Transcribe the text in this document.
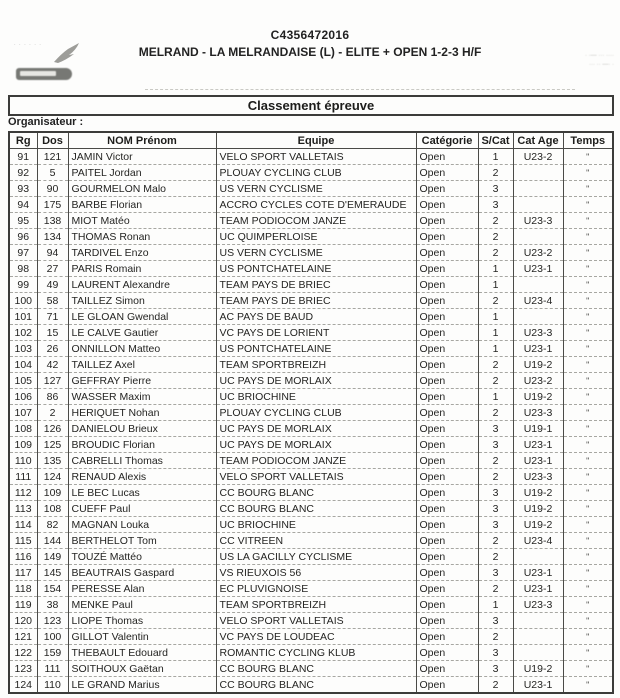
· · · · · ·
C4356472016
MELRAND - LA MELRANDAISE (L) - ELITE + OPEN 1-2-3 H/F	· ·— ··· ····
··· ·· —· ·
Classement épreuve
Organisateur :
Rg	Dos	NOM Prénom	Equipe	Catégorie	S/Cat	Cat Age	Temps
91	121	JAMIN Victor	VELO SPORT VALLETAIS	Open	1	U23-2	"
92	5	PAITEL Jordan	PLOUAY CYCLING CLUB	Open	2		"
93	90	GOURMELON Malo	US VERN CYCLISME	Open	3		"
94	175	BARBE Florian	ACCRO CYCLES COTE D'EMERAUDE	Open	3		"
95	138	MIOT Matéo	TEAM PODIOCOM JANZE	Open	2	U23-3	"
96	134	THOMAS Ronan	UC QUIMPERLOISE	Open	2		"
97	94	TARDIVEL Enzo	US VERN CYCLISME	Open	2	U23-2	"
98	27	PARIS Romain	US PONTCHATELAINE	Open	1	U23-1	"
99	49	LAURENT Alexandre	TEAM PAYS DE BRIEC	Open	1		"
100	58	TAILLEZ Simon	TEAM PAYS DE BRIEC	Open	2	U23-4	"
101	71	LE GLOAN Gwendal	AC PAYS DE BAUD	Open	1		"
102	15	LE CALVE Gautier	VC PAYS DE LORIENT	Open	1	U23-3	"
103	26	ONNILLON Matteo	US PONTCHATELAINE	Open	1	U23-1	"
104	42	TAILLEZ Axel	TEAM SPORTBREIZH	Open	2	U19-2	"
105	127	GEFFRAY Pierre	UC PAYS DE MORLAIX	Open	2	U23-2	"
106	86	WASSER Maxim	UC BRIOCHINE	Open	1	U19-2	"
107	2	HERIQUET Nohan	PLOUAY CYCLING CLUB	Open	2	U23-3	"
108	126	DANIELOU Brieux	UC PAYS DE MORLAIX	Open	3	U19-1	"
109	125	BROUDIC Florian	UC PAYS DE MORLAIX	Open	3	U23-1	"
110	135	CABRELLI Thomas	TEAM PODIOCOM JANZE	Open	2	U23-1	"
111	124	RENAUD Alexis	VELO SPORT VALLETAIS	Open	2	U23-3	"
112	109	LE BEC Lucas	CC BOURG BLANC	Open	3	U19-2	"
113	108	CUEFF Paul	CC BOURG BLANC	Open	3	U19-2	"
114	82	MAGNAN Louka	UC BRIOCHINE	Open	3	U19-2	"
115	144	BERTHELOT Tom	CC VITREEN	Open	2	U23-4	"
116	149	TOUZÉ Mattéo	US LA GACILLY CYCLISME	Open	2		"
117	145	BEAUTRAIS Gaspard	VS RIEUXOIS 56	Open	3	U23-1	"
118	154	PERESSE Alan	EC PLUVIGNOISE	Open	2	U23-1	"
119	38	MENKE Paul	TEAM SPORTBREIZH	Open	1	U23-3	"
120	123	LIOPE Thomas	VELO SPORT VALLETAIS	Open	3		"
121	100	GILLOT Valentin	VC PAYS DE LOUDEAC	Open	2		"
122	159	THEBAULT Edouard	ROMANTIC CYCLING KLUB	Open	3		"
123	111	SOITHOUX Gaëtan	CC BOURG BLANC	Open	3	U19-2	"
124	110	LE GRAND Marius	CC BOURG BLANC	Open	2	U23-1	"
